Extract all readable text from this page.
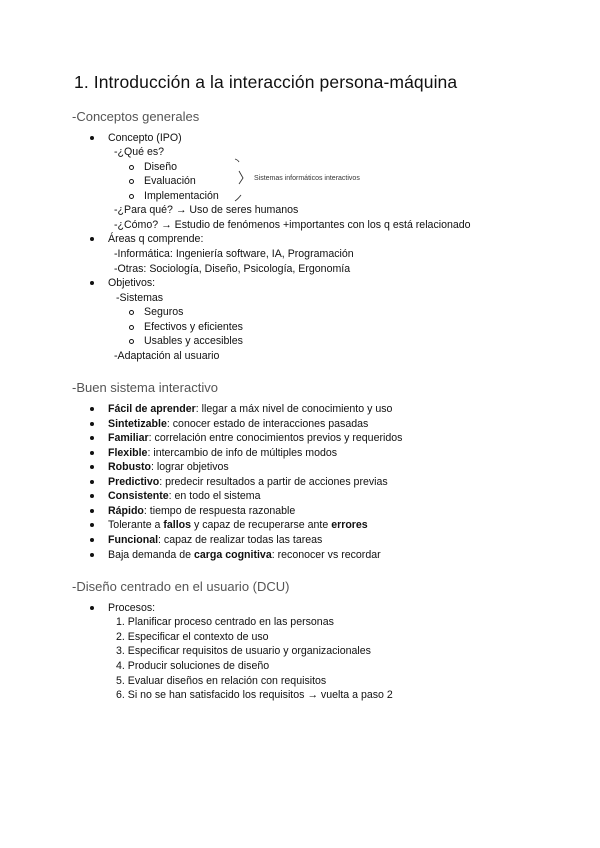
1. Introducción a la interacción persona-máquina
-Conceptos generales
Concepto (IPO)
-¿Qué es?
Diseño
Evaluación
Implementación
Sistemas informáticos interactivos
-¿Para qué? → Uso de seres humanos
-¿Cómo? → Estudio de fenómenos +importantes con los q está relacionado
Áreas q comprende:
-Informática: Ingeniería software, IA, Programación
-Otras: Sociología, Diseño, Psicología, Ergonomía
Objetivos:
-Sistemas
Seguros
Efectivos y eficientes
Usables y accesibles
-Adaptación al usuario
-Buen sistema interactivo
Fácil de aprender: llegar a máx nivel de conocimiento y uso
Sintetizable: conocer estado de interacciones pasadas
Familiar: correlación entre conocimientos previos y requeridos
Flexible: intercambio de info de múltiples modos
Robusto: lograr objetivos
Predictivo: predecir resultados a partir de acciones previas
Consistente: en todo el sistema
Rápido: tiempo de respuesta razonable
Tolerante a fallos y capaz de recuperarse ante errores
Funcional: capaz de realizar todas las tareas
Baja demanda de carga cognitiva: reconocer vs recordar
-Diseño centrado en el usuario (DCU)
Procesos:
1. Planificar proceso centrado en las personas
2. Especificar el contexto de uso
3. Especificar requisitos de usuario y organizacionales
4. Producir soluciones de diseño
5. Evaluar diseños en relación con requisitos
6. Si no se han satisfacido los requisitos → vuelta a paso 2
